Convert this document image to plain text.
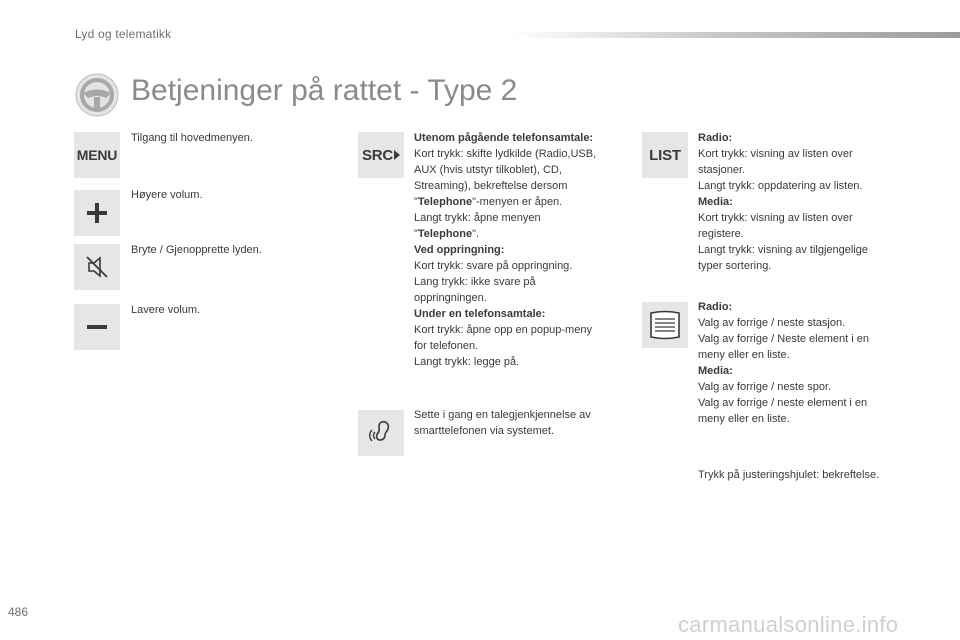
Lyd og telematikk
Betjeninger på rattet - Type 2
MENU
Tilgang til hovedmenyen.
Høyere volum.
Bryte / Gjenopprette lyden.
Lavere volum.
SRC
Utenom pågående telefonsamtale:
Kort trykk: skifte lydkilde (Radio,USB,
AUX (hvis utstyr tilkoblet), CD,
Streaming), bekreftelse dersom
"Telephone"-menyen er åpen.
Langt trykk: åpne menyen
"Telephone".
Ved oppringning:
Kort trykk: svare på oppringning.
Lang trykk: ikke svare på
oppringningen.
Under en telefonsamtale:
Kort trykk: åpne opp en popup-meny
for telefonen.
Langt trykk: legge på.
Sette i gang en talegjenkjennelse av
smarttelefonen via systemet.
LIST
Radio:
Kort trykk: visning av listen over
stasjoner.
Langt trykk: oppdatering av listen.
Media:
Kort trykk: visning av listen over
registere.
Langt trykk: visning av tilgjengelige
typer sortering.
Radio:
Valg av forrige / neste stasjon.
Valg av forrige / Neste element i en
meny eller en liste.
Media:
Valg av forrige / neste spor.
Valg av forrige / neste element i en
meny eller en liste.
Trykk på justeringshjulet: bekreftelse.
486	carmanualsonline.info
